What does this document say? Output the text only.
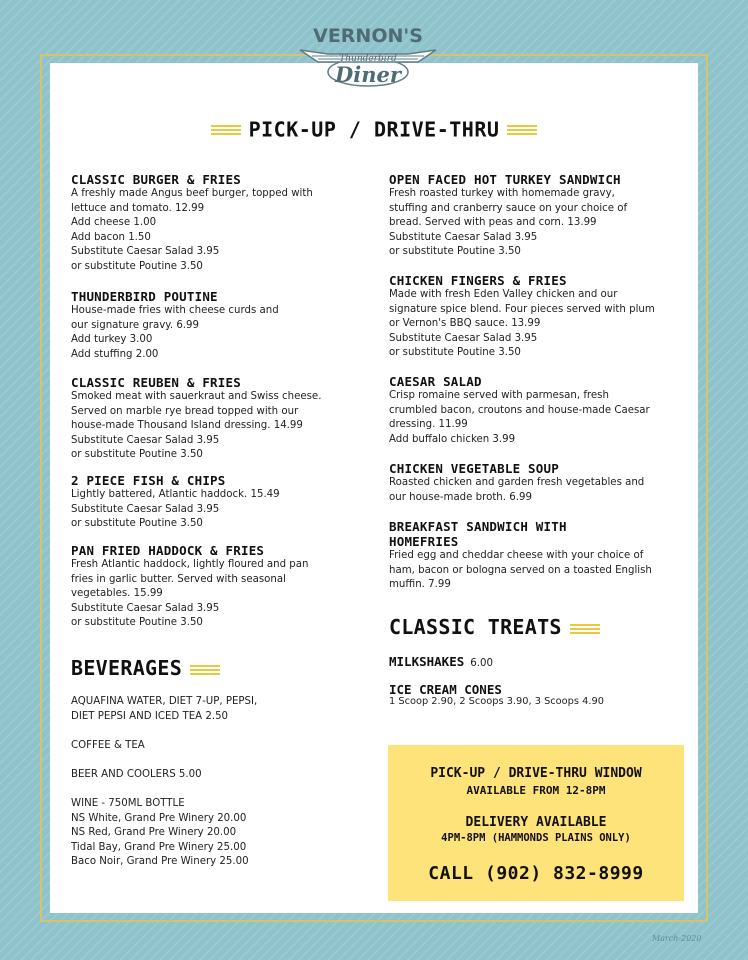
VERNON'S
Thunderbird
Diner
PICK-UP / DRIVE-THRU
CLASSIC BURGER & FRIES

A freshly made Angus beef burger, topped with
lettuce and tomato. 12.99
Add cheese 1.00
Add bacon 1.50
Substitute Caesar Salad 3.95
or substitute Poutine 3.50

THUNDERBIRD POUTINE

House-made fries with cheese curds and
our signature gravy. 6.99
Add turkey 3.00
Add stuffing 2.00

CLASSIC REUBEN & FRIES

Smoked meat with sauerkraut and Swiss cheese.
Served on marble rye bread topped with our
house-made Thousand Island dressing. 14.99
Substitute Caesar Salad 3.95
or substitute Poutine 3.50

2 PIECE FISH & CHIPS

Lightly battered, Atlantic haddock. 15.49
Substitute Caesar Salad 3.95
or substitute Poutine 3.50

PAN FRIED HADDOCK & FRIES

Fresh Atlantic haddock, lightly floured and pan
fries in garlic butter. Served with seasonal
vegetables. 15.99
Substitute Caesar Salad 3.95
or substitute Poutine 3.50

OPEN FACED HOT TURKEY SANDWICH

Fresh roasted turkey with homemade gravy,
stuffing and cranberry sauce on your choice of
bread. Served with peas and corn. 13.99
Substitute Caesar Salad 3.95
or substitute Poutine 3.50

CHICKEN FINGERS & FRIES

Made with fresh Eden Valley chicken and our
signature spice blend. Four pieces served with plum
or Vernon's BBQ sauce. 13.99
Substitute Caesar Salad 3.95
or substitute Poutine 3.50

CAESAR SALAD

Crisp romaine served with parmesan, fresh
crumbled bacon, croutons and house-made Caesar
dressing. 11.99
Add buffalo chicken 3.99

CHICKEN VEGETABLE SOUP

Roasted chicken and garden fresh vegetables and
our house-made broth. 6.99

BREAKFAST SANDWICH WITH
HOMEFRIES

Fried egg and cheddar cheese with your choice of
ham, bacon or bologna served on a toasted English
muffin. 7.99

BEVERAGES
AQUAFINA WATER, DIET 7-UP, PEPSI,
DIET PEPSI AND ICED TEA 2.50
COFFEE & TEA
BEER AND COOLERS 5.00
WINE - 750ML BOTTLE
NS White, Grand Pre Winery 20.00
NS Red, Grand Pre Winery 20.00
Tidal Bay, Grand Pre Winery 25.00
Baco Noir, Grand Pre Winery 25.00
CLASSIC TREATS
MILKSHAKES 6.00
ICE CREAM CONES
1 Scoop 2.90, 2 Scoops 3.90, 3 Scoops 4.90
PICK-UP / DRIVE-THRU WINDOW
AVAILABLE FROM 12-8PM
DELIVERY AVAILABLE
4PM-8PM (HAMMONDS PLAINS ONLY)
CALL (902) 832-8999
March-2020
